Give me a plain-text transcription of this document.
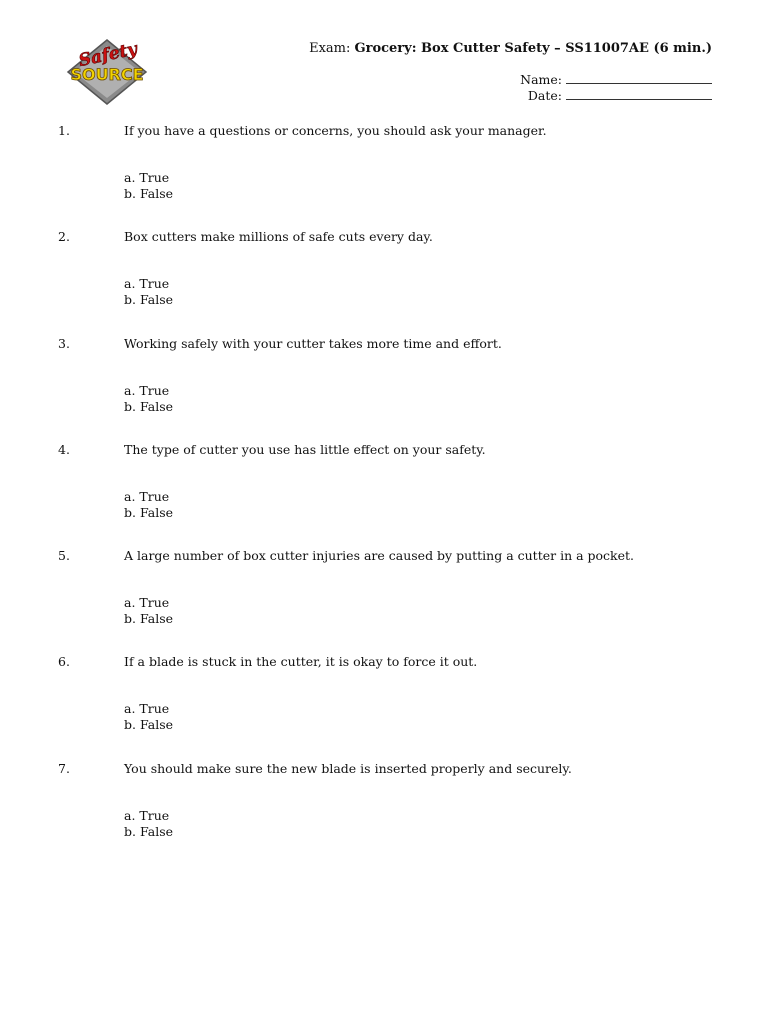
Safety
SOURCE
Exam: Grocery: Box Cutter Safety – SS11007AE (6 min.)
Name:
Date:
1.	If you have a questions or concerns, you should ask your manager.
a. True
b. False
2.	Box cutters make millions of safe cuts every day.
a. True
b. False
3.	Working safely with your cutter takes more time and effort.
a. True
b. False
4.	The type of cutter you use has little effect on your safety.
a. True
b. False
5.	A large number of box cutter injuries are caused by putting a cutter in a pocket.
a. True
b. False
6.	If a blade is stuck in the cutter, it is okay to force it out.
a. True
b. False
7.	You should make sure the new blade is inserted properly and securely.
a. True
b. False
